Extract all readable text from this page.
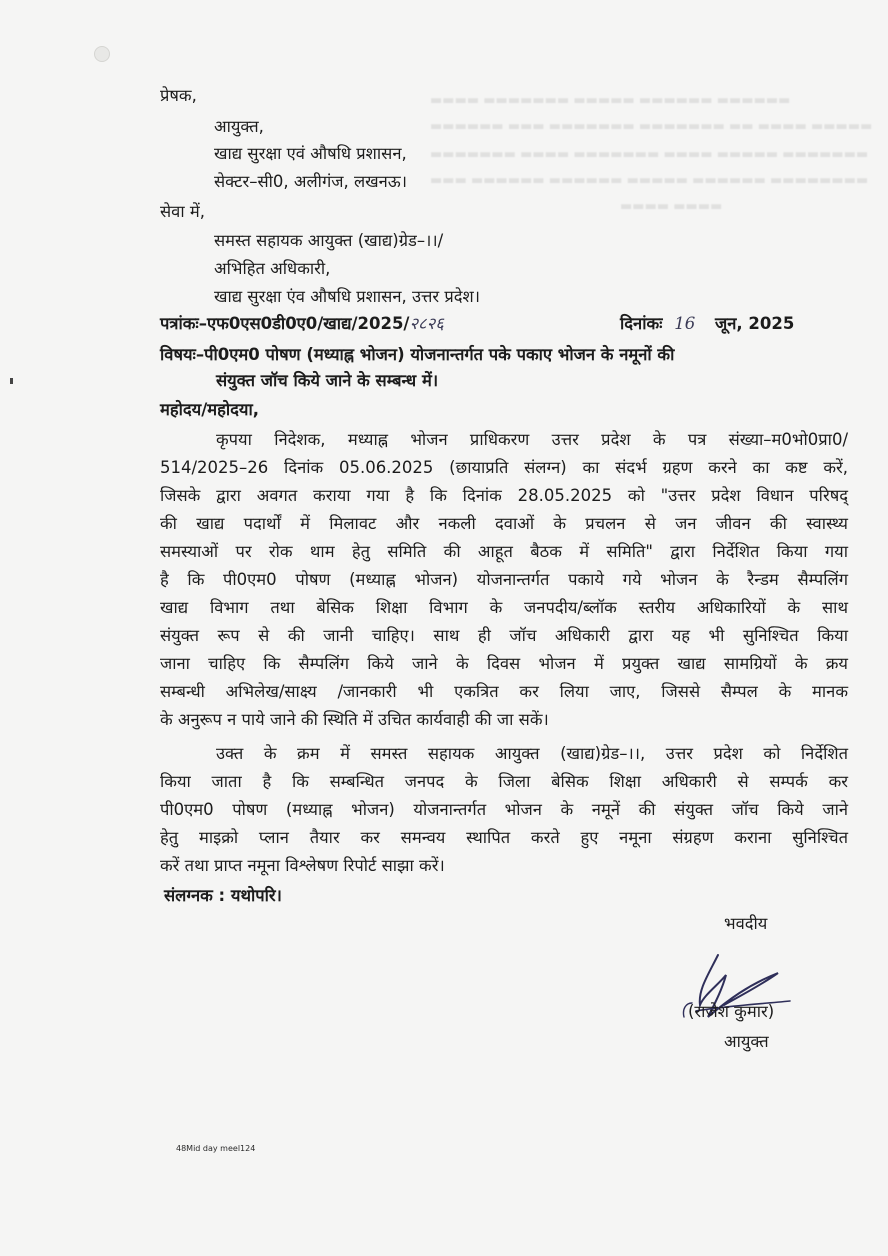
▬▬▬▬ ▬▬▬▬▬▬▬ ▬▬▬▬▬ ▬▬▬▬▬▬ ▬▬▬▬▬▬
▬▬▬▬▬▬ ▬▬▬ ▬▬▬▬▬▬▬ ▬▬▬▬▬▬▬ ▬▬ ▬▬▬▬ ▬▬▬▬▬
▬▬▬▬▬▬▬ ▬▬▬▬ ▬▬▬▬▬▬▬ ▬▬▬▬ ▬▬▬▬▬ ▬▬▬▬▬▬▬
▬▬▬ ▬▬▬▬▬▬ ▬▬▬▬▬▬ ▬▬▬▬▬ ▬▬▬▬▬▬ ▬▬▬▬▬▬▬▬
▬▬▬▬ ▬▬▬▬
प्रेषक,
आयुक्त,
खाद्य सुरक्षा एवं औषधि प्रशासन,
सेक्टर–सी0, अलीगंज, लखनऊ।
सेवा में,
समस्त सहायक आयुक्त (खाद्य)ग्रेड–।।/
अभिहित अधिकारी,
खाद्य सुरक्षा एंव औषधि प्रशासन, उत्तर प्रदेश।
पत्रांकः–एफ0एस0डी0ए0/खाद्य/2025/२८२६	दिनांकः 16 जून, 2025
विषयः–पी0एम0 पोषण (मध्याह्न भोजन) योजनान्तर्गत पके पकाए भोजन के नमूनों की
संयुक्त जॉच किये जाने के सम्बन्ध में।
महोदय/महोदया,
कृपया निदेशक, मध्याह्न भोजन प्राधिकरण उत्तर प्रदेश के पत्र संख्या–म0भो0प्रा0/
514/2025–26 दिनांक 05.06.2025 (छायाप्रति संलग्न) का संदर्भ ग्रहण करने का कष्ट करें,
जिसके द्वारा अवगत कराया गया है कि दिनांक 28.05.2025 को "उत्तर प्रदेश विधान परिषद्
की खाद्य पदार्थों में मिलावट और नकली दवाओं के प्रचलन से जन जीवन की स्वास्थ्य
समस्याओं पर रोक थाम हेतु समिति की आहूत बैठक में समिति" द्वारा निर्देशित किया गया
है कि पी0एम0 पोषण (मध्याह्न भोजन) योजनान्तर्गत पकाये गये भोजन के रैन्डम सैम्पलिंग
खाद्य विभाग तथा बेसिक शिक्षा विभाग के जनपदीय/ब्लॉक स्तरीय अधिकारियों के साथ
संयुक्त रूप से की जानी चाहिए। साथ ही जॉच अधिकारी द्वारा यह भी सुनिश्चित किया
जाना चाहिए कि सैम्पलिंग किये जाने के दिवस भोजन में प्रयुक्त खाद्य सामग्रियों के क्रय
सम्बन्धी अभिलेख/साक्ष्य /जानकारी भी एकत्रित कर लिया जाए, जिससे सैम्पल के मानक
के अनुरूप न पाये जाने की स्थिति में उचित कार्यवाही की जा सकें।
उक्त के क्रम में समस्त सहायक आयुक्त (खाद्य)ग्रेड–।।, उत्तर प्रदेश को निर्देशित
किया जाता है कि सम्बन्धित जनपद के जिला बेसिक शिक्षा अधिकारी से सम्पर्क कर
पी0एम0 पोषण (मध्याह्न भोजन) योजनान्तर्गत भोजन के नमूनें की संयुक्त जॉच किये जाने
हेतु माइक्रो प्लान तैयार कर समन्वय स्थापित करते हुए नमूना संग्रहण कराना सुनिश्चित
करें तथा प्राप्त नमूना विश्लेषण रिपोर्ट साझा करें।
संलग्नक : यथोपरि।
भवदीय
(राजेश कुमार)
आयुक्त
48Mid day meel124
